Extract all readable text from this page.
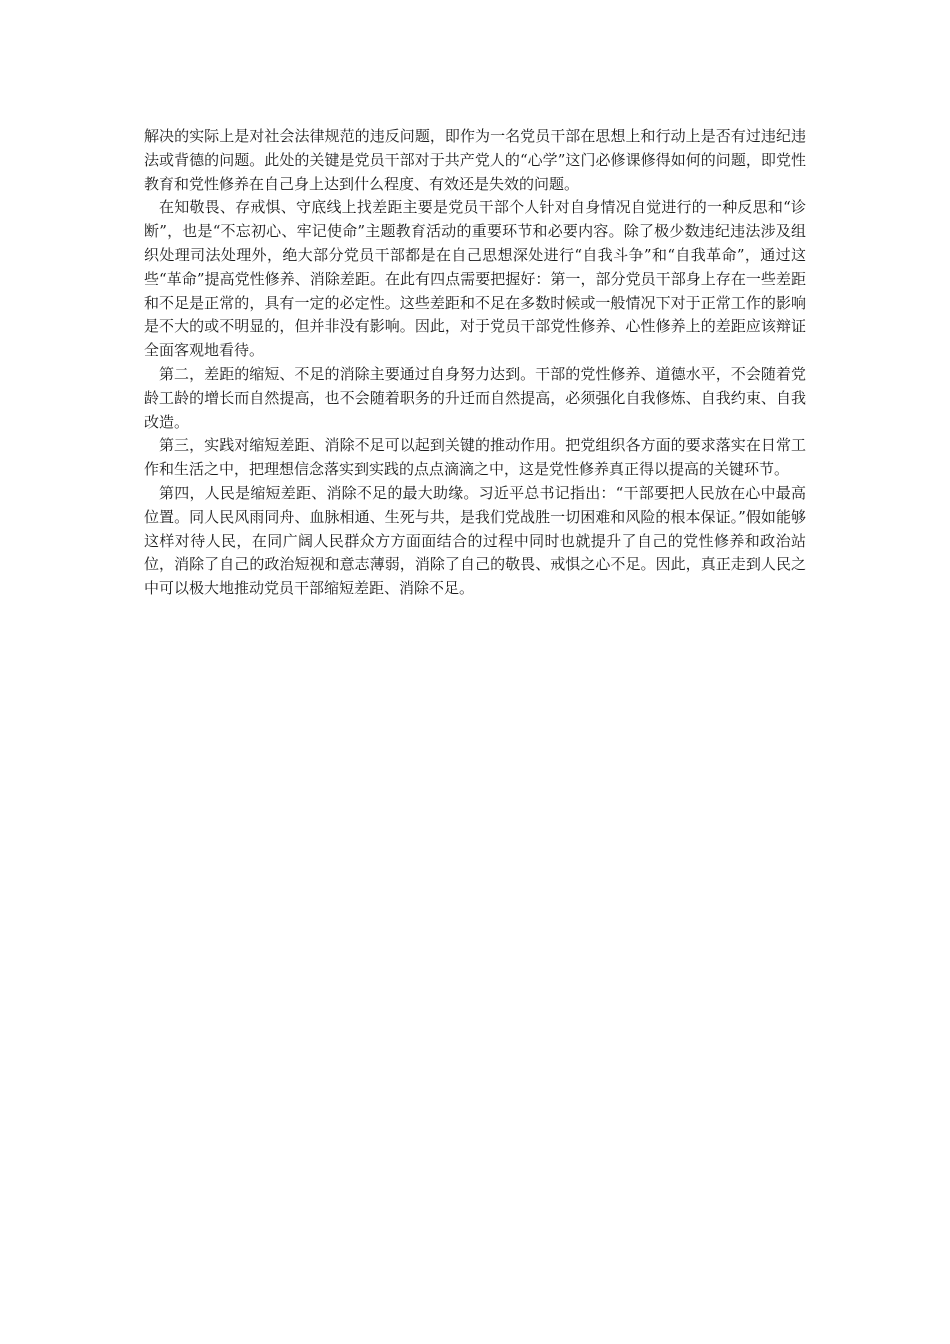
解决的实际上是对社会法律规范的违反问题，即作为一名党员干部在思想上和行动上是否有过违纪违法或背德的问题。此处的关键是党员干部对于共产党人的“心学”这门必修课修得如何的问题，即党性教育和党性修养在自己身上达到什么程度、有效还是失效的问题。

在知敬畏、存戒惧、守底线上找差距主要是党员干部个人针对自身情况自觉进行的一种反思和“诊断”，也是“不忘初心、牢记使命”主题教育活动的重要环节和必要内容。除了极少数违纪违法涉及组织处理司法处理外，绝大部分党员干部都是在自己思想深处进行“自我斗争”和“自我革命”，通过这些“革命”提高党性修养、消除差距。在此有四点需要把握好：第一，部分党员干部身上存在一些差距和不足是正常的，具有一定的必定性。这些差距和不足在多数时候或一般情况下对于正常工作的影响是不大的或不明显的，但并非没有影响。因此，对于党员干部党性修养、心性修养上的差距应该辩证全面客观地看待。

第二，差距的缩短、不足的消除主要通过自身努力达到。干部的党性修养、道德水平，不会随着党龄工龄的增长而自然提高，也不会随着职务的升迁而自然提高，必须强化自我修炼、自我约束、自我改造。

第三，实践对缩短差距、消除不足可以起到关键的推动作用。把党组织各方面的要求落实在日常工作和生活之中，把理想信念落实到实践的点点滴滴之中，这是党性修养真正得以提高的关键环节。

第四，人民是缩短差距、消除不足的最大助缘。习近平总书记指出：“干部要把人民放在心中最高位置。同人民风雨同舟、血脉相通、生死与共，是我们党战胜一切困难和风险的根本保证。”假如能够这样对待人民，在同广阔人民群众方方面面结合的过程中同时也就提升了自己的党性修养和政治站位，消除了自己的政治短视和意志薄弱，消除了自己的敬畏、戒惧之心不足。因此，真正走到人民之中可以极大地推动党员干部缩短差距、消除不足。
